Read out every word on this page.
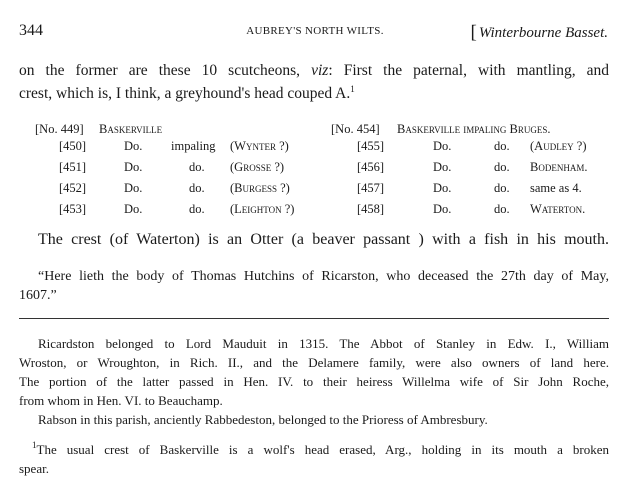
344	AUBREY'S NORTH WILTS.	[ Winterbourne Basset.
on the former are these 10 scutcheons, viz: First the paternal, with mantling, and
crest, which is, I think, a greyhound's head couped A.$^1$
[No. 449] Baskerville
[450]	Do. impaling (Wynter ?)
[451]	Do.	do. (Grosse ?)
[452]	Do.	do. (Burgess ?)
[453]	Do.	do. (Leighton ?)
[No. 454] Baskerville impaling Bruges.
[455]	Do.	do. (Audley ?)
[456]	Do.	do. Bodenham.
[457]	Do.	do. same as 4.
[458]	Do.	do. Waterton.
The crest (of Waterton) is an Otter (a beaver passant ) with a fish in his mouth.
“Here lieth the body of Thomas Hutchins of Ricarston, who deceased the 27th day of May,
1607.”
Ricardston belonged to Lord Mauduit in 1315. The Abbot of Stanley in Edw. I., William
Wroston, or Wroughton, in Rich. II., and the Delamere family, were also owners of land here.
The portion of the latter passed in Hen. IV. to their heiress Willelma wife of Sir John Roche,
from whom in Hen. VI. to Beauchamp.
Rabson in this parish, anciently Rabbedeston, belonged to the Prioress of Ambresbury.
$^1$The usual crest of Baskerville is a wolf's head erased, Arg., holding in its mouth a broken
spear.
